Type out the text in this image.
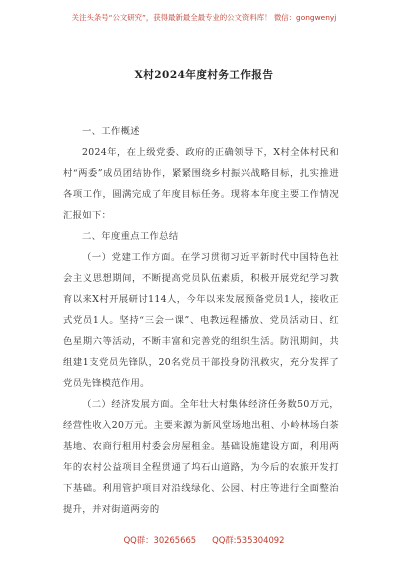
关注头条号“公文研究”，获得最新最全最专业的公文资料库！ 微信：gongwenyj
X村2024年度村务工作报告

一、工作概述

2024年，在上级党委、政府的正确领导下，X村全体村民和村“两委”成员团结协作，紧紧围绕乡村振兴战略目标，扎实推进各项工作，圆满完成了年度目标任务。现将本年度主要工作情况汇报如下：

二、年度重点工作总结

（一）党建工作方面。在学习贯彻习近平新时代中国特色社会主义思想期间，不断提高党员队伍素质，积极开展党纪学习教育以来X村开展研讨114人，今年以来发展预备党员1人，接收正式党员1人。坚持“三会一课”、电教远程播放、党员活动日、红色星期六等活动，不断丰富和完善党的组织生活。防汛期间，共组建1支党员先锋队，20名党员干部投身防汛救灾，充分发挥了党员先锋模范作用。

（二）经济发展方面。全年壮大村集体经济任务数50万元，经营性收入20万元。主要来源为新风堂场地出租、小岭林场白茶基地、农商行租用村委会房屋租金。基础设施建设方面，利用两年的农村公益项目全程贯通了坞石山道路，为今后的农旅开发打下基础。利用管护项目对沿线绿化、公园、村庄等进行全面整治提升，并对街道两旁的

QQ群：30265665      QQ群:535304092
